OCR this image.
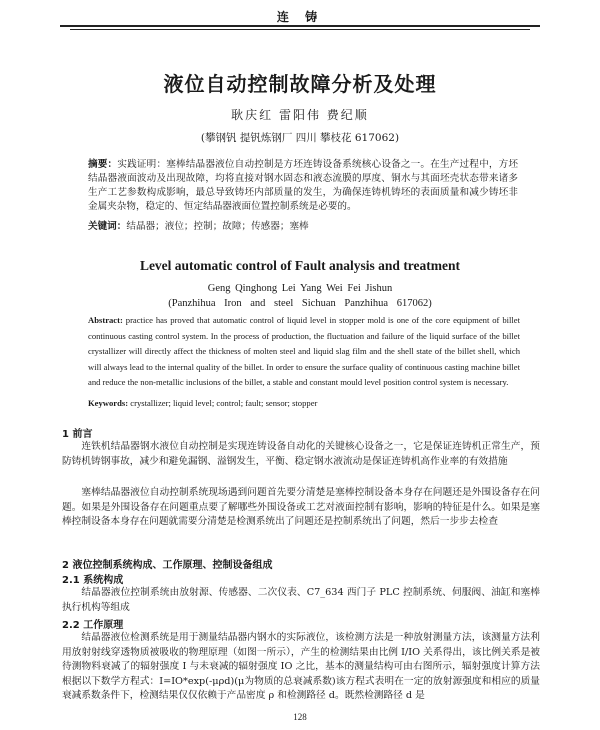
连 铸
液位自动控制故障分析及处理
耿庆红 雷阳伟 费纪顺
(攀钢钒 提钒炼钢厂 四川 攀枝花 617062)
摘要：实践证明：塞棒结晶器液位自动控制是方坯连铸设备系统核心设备之一。在生产过程中，方坯结晶器液面波动及出现故障，均将直接对钢水固态和液态流膜的厚度、铜水与其面坯壳状态带来诸多生产工艺参数构成影响，最总导致铸坯内部质量的发生，为确保连铸机铸坯的表面质量和减少铸坯非金属夹杂物，稳定的、恒定结晶器液面位置控制系统是必要的。
关键词：结晶器；液位；控制；故障；传感器；塞棒
Level automatic control of Fault analysis and treatment
Geng Qinghong Lei Yang Wei Fei Jishun
(Panzhihua Iron and steel Sichuan Panzhihua 617062)
Abstract: practice has proved that automatic control of liquid level in stopper mold is one of the core equipment of billet continuous casting control system. In the process of production, the fluctuation and failure of the liquid surface of the billet crystallizer will directly affect the thickness of molten steel and liquid slag film and the shell state of the billet shell, which will always lead to the internal quality of the billet. In order to ensure the surface quality of continuous casting machine billet and reduce the non-metallic inclusions of the billet, a stable and constant mould level position control system is necessary.
Keywords: crystallizer; liquid level; control; fault; sensor; stopper
1 前言
连铁机结晶器钢水液位自动控制是实现连铸设备自动化的关键核心设备之一，它是保证连铸机正常生产，预防铸机铸钢事故，减少和避免漏钢、溢钢发生，平衡、稳定钢水液流动是保证连铸机高作业率的有效措施
塞棒结晶器液位自动控制系统现场遇到问题首先要分清楚是塞棒控制设备本身存在问题还是外围设备存在问题。如果是外围设备存在问题重点要了解哪些外围设备或工艺对液面控制有影响，影响的特征是什么。如果是塞棒控制设备本身存在问题就需要分清楚是检测系统出了问题还是控制系统出了问题，然后一步步去检查
2 液位控制系统构成、工作原理、控制设备组成
2.1 系统构成
结晶器液位控制系统由放射源、传感器、二次仪表、C7_634 西门子 PLC 控制系统、伺服阀、油缸和塞棒执行机构等组成
2.2 工作原理
结晶器液位检测系统是用于测量结晶器内钢水的实际液位，该检测方法是一种放射测量方法，该测量方法利用放射射线穿透物质被吸收的物理原理（如图一所示），产生的检测结果由比例 I/IO 关系得出，该比例关系是被待测物料衰减了的辐射强度 I 与未衰减的辐射强度 IO 之比，基本的测量结构可由右图所示，辐射强度计算方法根据以下数学方程式：I=IO*exp(-μρd)(μ为物质的总衰减系数)该方程式表明在一定的放射源强度和相应的质量衰减系数条件下，检测结果仅仅依赖于产品密度 ρ 和检测路径 d。既然检测路径 d 是
128
